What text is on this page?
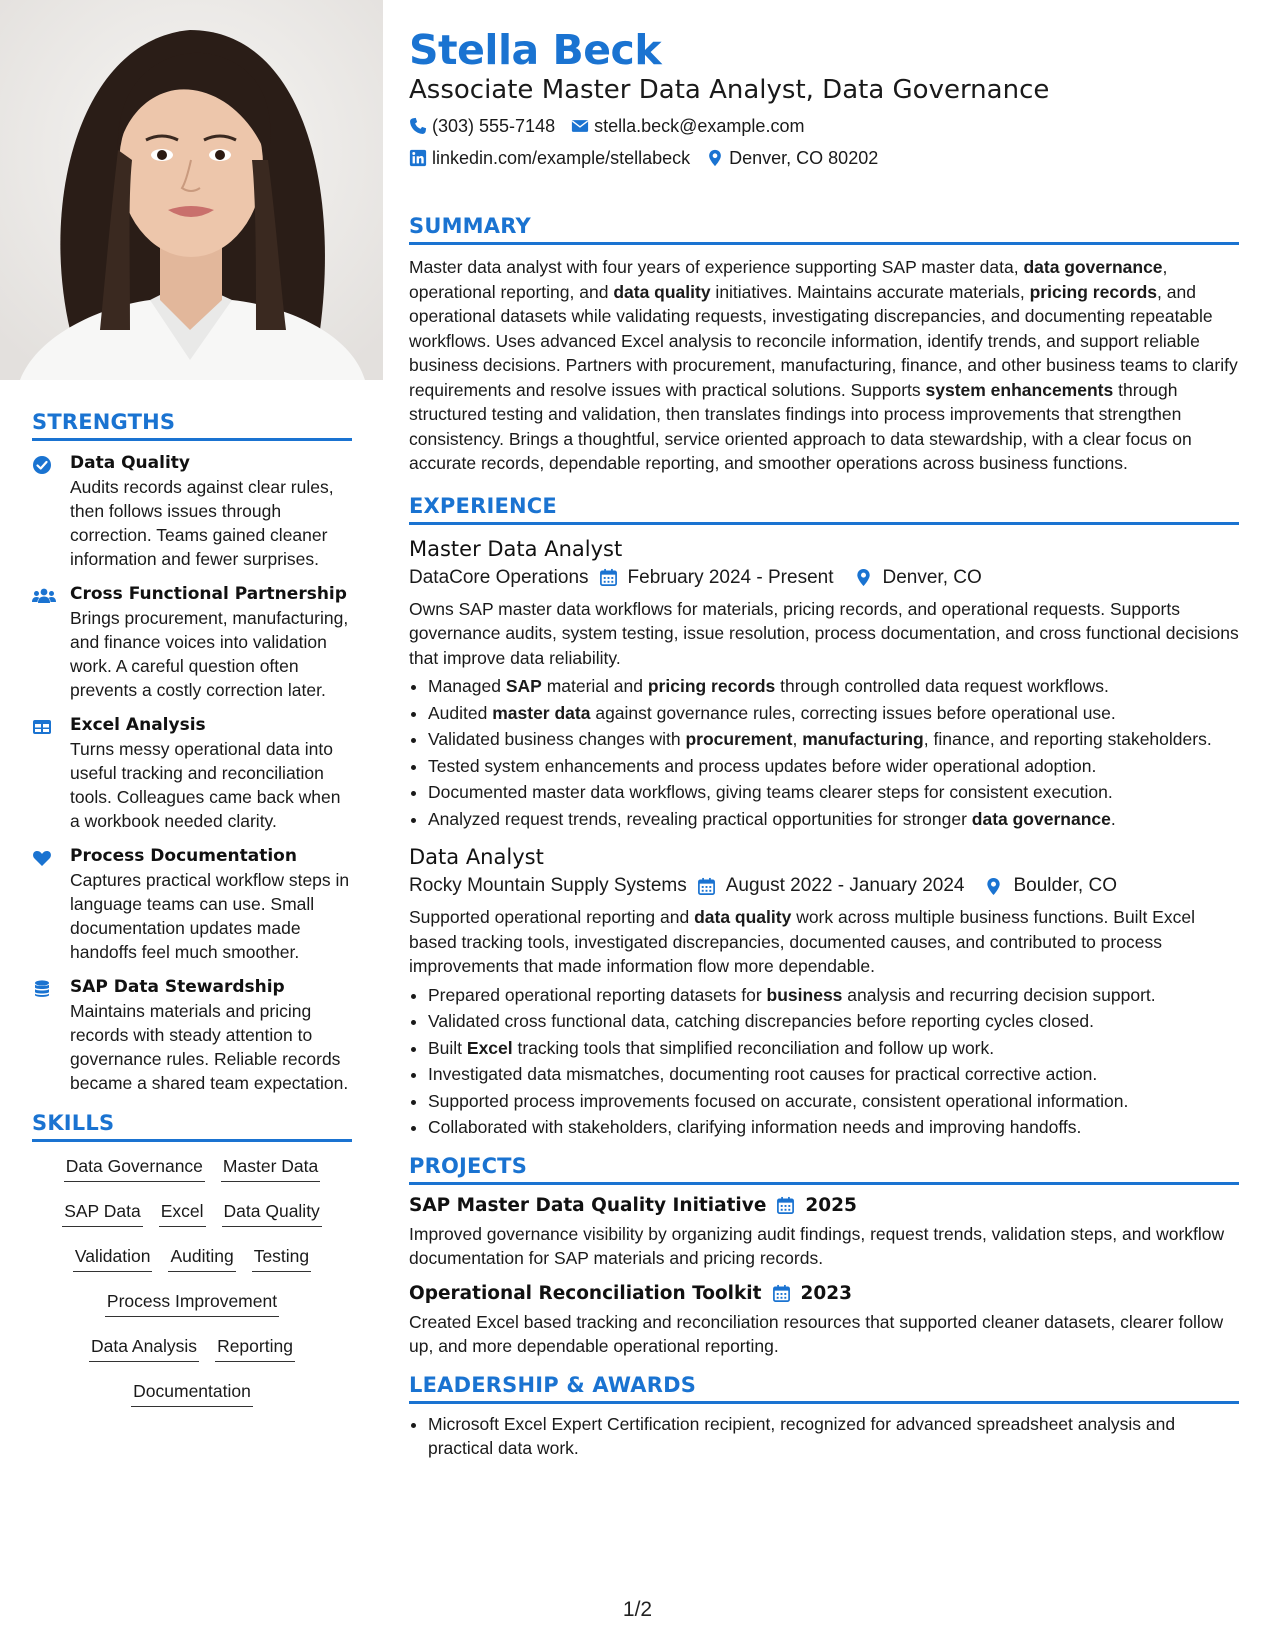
STRENGTHS
Data Quality
Audits records against clear rules, then follows issues through correction. Teams gained cleaner information and fewer surprises.
Cross Functional Partnership
Brings procurement, manufacturing, and finance voices into validation work. A careful question often prevents a costly correction later.
Excel Analysis
Turns messy operational data into useful tracking and reconciliation tools. Colleagues came back when a workbook needed clarity.
Process Documentation
Captures practical workflow steps in language teams can use. Small documentation updates made handoffs feel much smoother.
SAP Data Stewardship
Maintains materials and pricing records with steady attention to governance rules. Reliable records became a shared team expectation.
SKILLS
Data Governance Master Data
SAP Data Excel Data Quality
Validation Auditing Testing
Process Improvement
Data Analysis Reporting
Documentation
Stella Beck
Associate Master Data Analyst, Data Governance
(303) 555-7148 stella.beck@example.com
linkedin.com/example/stellabeck Denver, CO 80202
SUMMARY
Master data analyst with four years of experience supporting SAP master data, data governance, operational reporting, and data quality initiatives. Maintains accurate materials, pricing records, and operational datasets while validating requests, investigating discrepancies, and documenting repeatable workflows. Uses advanced Excel analysis to reconcile information, identify trends, and support reliable business decisions. Partners with procurement, manufacturing, finance, and other business teams to clarify requirements and resolve issues with practical solutions. Supports system enhancements through structured testing and validation, then translates findings into process improvements that strengthen consistency. Brings a thoughtful, service oriented approach to data stewardship, with a clear focus on accurate records, dependable reporting, and smoother operations across business functions.
EXPERIENCE
Master Data Analyst
DataCore Operations February 2024 - Present	Denver, CO
Owns SAP master data workflows for materials, pricing records, and operational requests. Supports governance audits, system testing, issue resolution, process documentation, and cross functional decisions that improve data reliability.
• Managed SAP material and pricing records through controlled data request workflows.
• Audited master data against governance rules, correcting issues before operational use.
• Validated business changes with procurement, manufacturing, finance, and reporting stakeholders.
• Tested system enhancements and process updates before wider operational adoption.
• Documented master data workflows, giving teams clearer steps for consistent execution.
• Analyzed request trends, revealing practical opportunities for stronger data governance.
Data Analyst
Rocky Mountain Supply Systems August 2022 - January 2024	Boulder, CO
Supported operational reporting and data quality work across multiple business functions. Built Excel based tracking tools, investigated discrepancies, documented causes, and contributed to process improvements that made information flow more dependable.
• Prepared operational reporting datasets for business analysis and recurring decision support.
• Validated cross functional data, catching discrepancies before reporting cycles closed.
• Built Excel tracking tools that simplified reconciliation and follow up work.
• Investigated data mismatches, documenting root causes for practical corrective action.
• Supported process improvements focused on accurate, consistent operational information.
• Collaborated with stakeholders, clarifying information needs and improving handoffs.
PROJECTS
SAP Master Data Quality Initiative 2025
Improved governance visibility by organizing audit findings, request trends, validation steps, and workflow documentation for SAP materials and pricing records.
Operational Reconciliation Toolkit 2023
Created Excel based tracking and reconciliation resources that supported cleaner datasets, clearer follow up, and more dependable operational reporting.
LEADERSHIP & AWARDS
• Microsoft Excel Expert Certification recipient, recognized for advanced spreadsheet analysis and practical data work.
1/2
